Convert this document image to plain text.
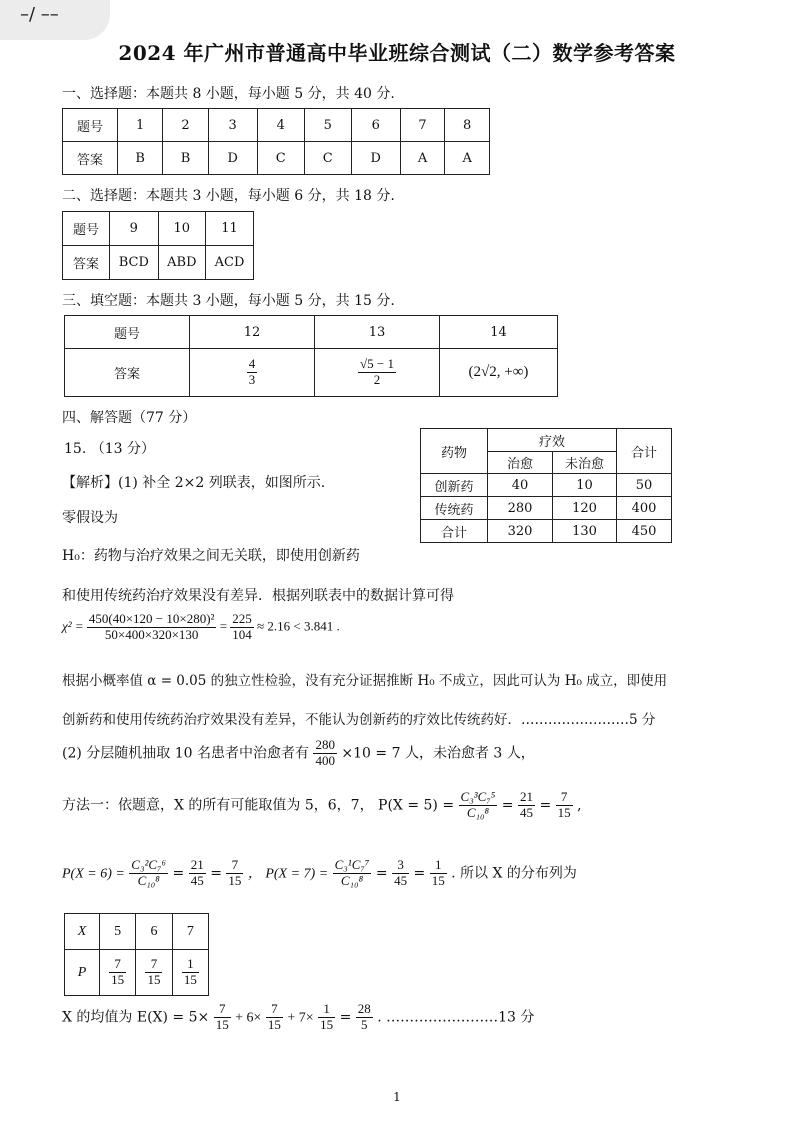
–/ ––
2024 年广州市普通高中毕业班综合测试（二）数学参考答案
一、选择题：本题共 8 小题，每小题 5 分，共 40 分.
题号	1	2	3	4	5	6	7	8
答案	B	B	D	C	C	D	A	A
二、选择题：本题共 3 小题，每小题 6 分，共 18 分.
题号	9	10	11
答案	BCD	ABD	ACD
三、填空题：本题共 3 小题，每小题 5 分，共 15 分.
题号	12	13	14
答案	$\frac{4}{3}$	$\frac{√5 - 1}{2}$	(2√2, +∞)
四、解答题（77 分）
15. （13 分）
【解析】(1) 补全 2×2 列联表，如图所示.
零假设为
H₀：药物与治疗效果之间无关联，即使用创新药
和使用传统药治疗效果没有差异．根据列联表中的数据计算可得
药物	疗效		合计
	治愈	未治愈	
创新药	40	10	50
传统药	280	120	400
合计	320	130	450
$\chi^2 = \frac{\text{450(40×120 − 10×280)²}}{50\times 400\times 320\times 130} = \frac{225}{104} \approx 2.16 < 3.841$ .
根据小概率值 α = 0.05 的独立性检验，没有充分证据推断 H₀ 不成立，因此可认为 H₀ 成立，即使用
创新药和使用传统药治疗效果没有差异，不能认为创新药的疗效比传统药好．……………………5 分
(2) 分层随机抽取 10 名患者中治愈者有 $\frac{280}{400} \times 10 = 7$ 人，未治愈者 3 人，
方法一：依题意，X 的所有可能取值为 5，6，7， $P(X = 5) = \frac{\text{C₃³C₇⁵}}{\text{C₁₀⁸}} = \frac{21}{45} = \frac{7}{15}$ ,
$P(X = 6) = \frac{\text{C₃²C₇⁶}}{\text{C₁₀⁸}} = \frac{21}{45} = \frac{7}{15}$ ， $P(X = 7) = \frac{\text{C₃¹C₇⁷}}{\text{C₁₀⁸}} = \frac{3}{45} = \frac{1}{15}$ . 所以 X 的分布列为
X	5	6	7
P	$\frac{7}{15}$	$\frac{7}{15}$	$\frac{1}{15}$
X 的均值为 $E(X) = 5\times \frac{7}{15} + 6\times \frac{7}{15} + 7\times \frac{1}{15} = \frac{28}{5}$ . ……………………13 分
1
